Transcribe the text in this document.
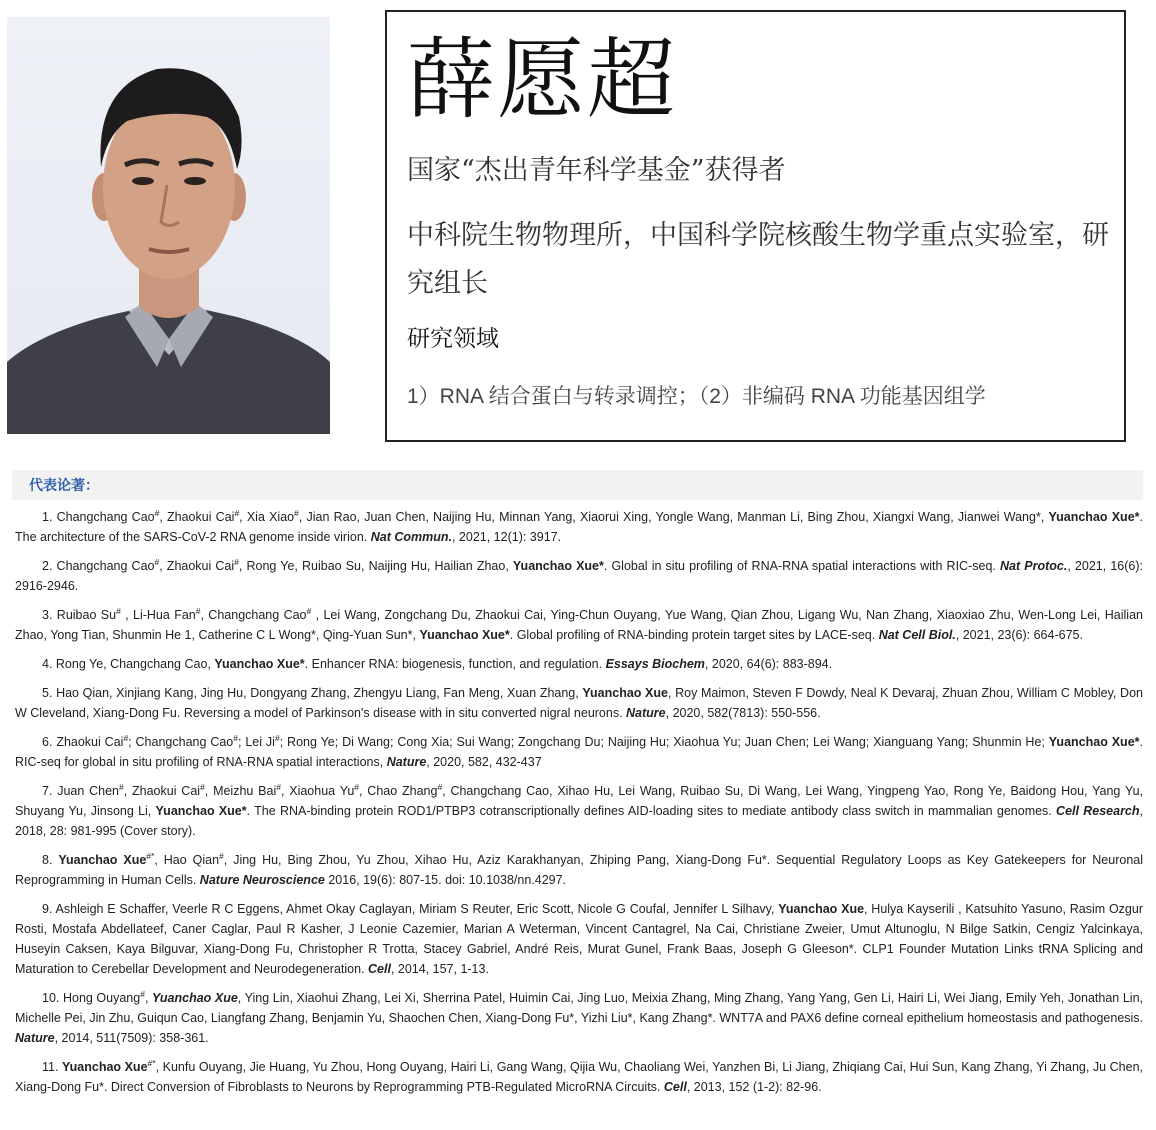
薛愿超
国家“杰出青年科学基金”获得者
中科院生物物理所，中国科学院核酸生物学重点实验室，研究组长
研究领域
1）RNA 结合蛋白与转录调控；（2）非编码 RNA 功能基因组学
代表论著：

1. Changchang Cao#, Zhaokui Cai#, Xia Xiao#, Jian Rao, Juan Chen, Naijing Hu, Minnan Yang, Xiaorui Xing, Yongle Wang, Manman Li, Bing Zhou, Xiangxi Wang, Jianwei Wang*, Yuanchao Xue*. The architecture of the SARS-CoV-2 RNA genome inside virion. Nat Commun., 2021, 12(1): 3917.

2. Changchang Cao#, Zhaokui Cai#, Rong Ye, Ruibao Su, Naijing Hu, Hailian Zhao, Yuanchao Xue*. Global in situ profiling of RNA-RNA spatial interactions with RIC-seq. Nat Protoc., 2021, 16(6): 2916-2946.

3. Ruibao Su# , Li-Hua Fan#, Changchang Cao# , Lei Wang, Zongchang Du, Zhaokui Cai, Ying-Chun Ouyang, Yue Wang, Qian Zhou, Ligang Wu, Nan Zhang, Xiaoxiao Zhu, Wen-Long Lei, Hailian Zhao, Yong Tian, Shunmin He 1, Catherine C L Wong*, Qing-Yuan Sun*, Yuanchao Xue*. Global profiling of RNA-binding protein target sites by LACE-seq. Nat Cell Biol., 2021, 23(6): 664-675.

4. Rong Ye, Changchang Cao, Yuanchao Xue*. Enhancer RNA: biogenesis, function, and regulation. Essays Biochem, 2020, 64(6): 883-894.

5. Hao Qian, Xinjiang Kang, Jing Hu, Dongyang Zhang, Zhengyu Liang, Fan Meng, Xuan Zhang, Yuanchao Xue, Roy Maimon, Steven F Dowdy, Neal K Devaraj, Zhuan Zhou, William C Mobley, Don W Cleveland, Xiang-Dong Fu. Reversing a model of Parkinson's disease with in situ converted nigral neurons. Nature, 2020, 582(7813): 550-556.

6. Zhaokui Cai#; Changchang Cao#; Lei Ji#; Rong Ye; Di Wang; Cong Xia; Sui Wang; Zongchang Du; Naijing Hu; Xiaohua Yu; Juan Chen; Lei Wang; Xianguang Yang; Shunmin He; Yuanchao Xue*. RIC-seq for global in situ profiling of RNA-RNA spatial interactions, Nature, 2020, 582, 432-437

7. Juan Chen#, Zhaokui Cai#, Meizhu Bai#, Xiaohua Yu#, Chao Zhang#, Changchang Cao, Xihao Hu, Lei Wang, Ruibao Su, Di Wang, Lei Wang, Yingpeng Yao, Rong Ye, Baidong Hou, Yang Yu, Shuyang Yu, Jinsong Li, Yuanchao Xue*. The RNA-binding protein ROD1/PTBP3 cotranscriptionally defines AID-loading sites to mediate antibody class switch in mammalian genomes. Cell Research, 2018, 28: 981-995 (Cover story).

8. Yuanchao Xue#*, Hao Qian#, Jing Hu, Bing Zhou, Yu Zhou, Xihao Hu, Aziz Karakhanyan, Zhiping Pang, Xiang-Dong Fu*. Sequential Regulatory Loops as Key Gatekeepers for Neuronal Reprogramming in Human Cells. Nature Neuroscience 2016, 19(6): 807-15. doi: 10.1038/nn.4297.

9. Ashleigh E Schaffer, Veerle R C Eggens, Ahmet Okay Caglayan, Miriam S Reuter, Eric Scott, Nicole G Coufal, Jennifer L Silhavy, Yuanchao Xue, Hulya Kayserili , Katsuhito Yasuno, Rasim Ozgur Rosti, Mostafa Abdellateef, Caner Caglar, Paul R Kasher, J Leonie Cazemier, Marian A Weterman, Vincent Cantagrel, Na Cai, Christiane Zweier, Umut Altunoglu, N Bilge Satkin, Cengiz Yalcinkaya, Huseyin Caksen, Kaya Bilguvar, Xiang-Dong Fu, Christopher R Trotta, Stacey Gabriel, André Reis, Murat Gunel, Frank Baas, Joseph G Gleeson*. CLP1 Founder Mutation Links tRNA Splicing and Maturation to Cerebellar Development and Neurodegeneration. Cell, 2014, 157, 1-13.

10. Hong Ouyang#, Yuanchao Xue, Ying Lin, Xiaohui Zhang, Lei Xi, Sherrina Patel, Huimin Cai, Jing Luo, Meixia Zhang, Ming Zhang, Yang Yang, Gen Li, Hairi Li, Wei Jiang, Emily Yeh, Jonathan Lin, Michelle Pei, Jin Zhu, Guiqun Cao, Liangfang Zhang, Benjamin Yu, Shaochen Chen, Xiang-Dong Fu*, Yizhi Liu*, Kang Zhang*. WNT7A and PAX6 define corneal epithelium homeostasis and pathogenesis. Nature, 2014, 511(7509): 358-361.

11. Yuanchao Xue#*, Kunfu Ouyang, Jie Huang, Yu Zhou, Hong Ouyang, Hairi Li, Gang Wang, Qijia Wu, Chaoliang Wei, Yanzhen Bi, Li Jiang, Zhiqiang Cai, Hui Sun, Kang Zhang, Yi Zhang, Ju Chen, Xiang-Dong Fu*. Direct Conversion of Fibroblasts to Neurons by Reprogramming PTB-Regulated MicroRNA Circuits. Cell, 2013, 152 (1-2): 82-96.
